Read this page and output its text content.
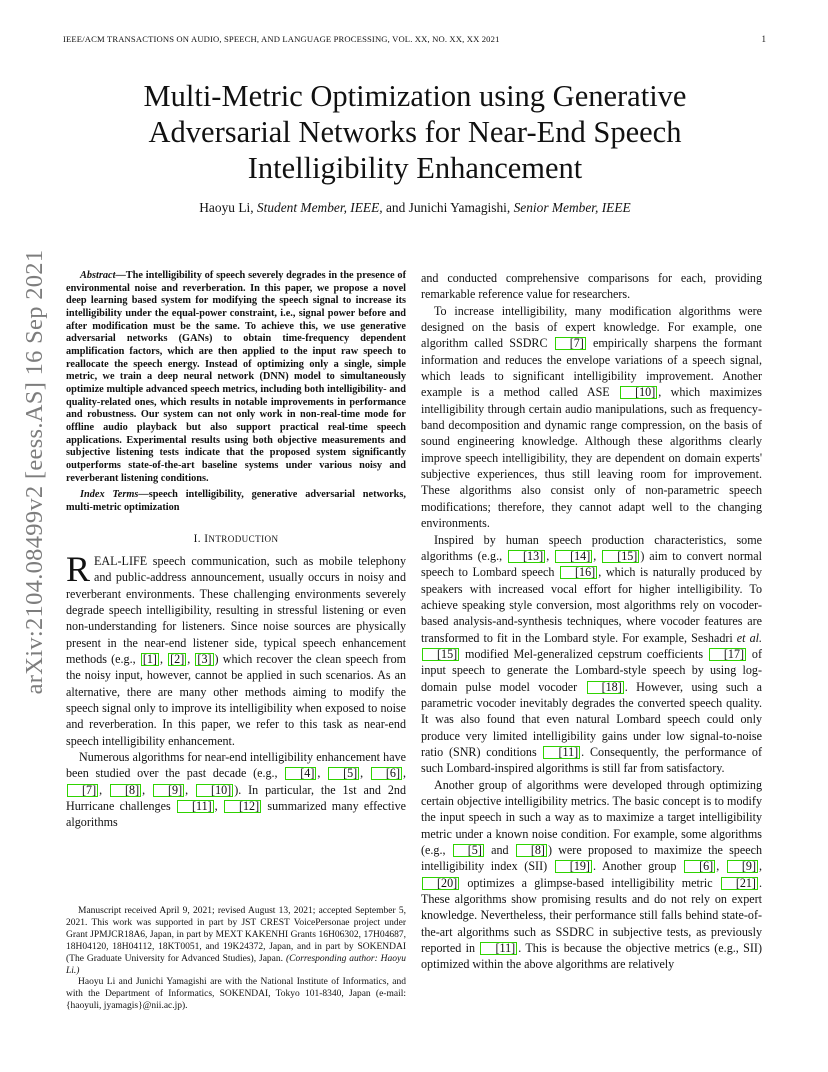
IEEE/ACM TRANSACTIONS ON AUDIO, SPEECH, AND LANGUAGE PROCESSING, VOL. XX, NO. XX, XX 2021	1
arXiv:2104.08499v2 [eess.AS] 16 Sep 2021
Multi-Metric Optimization using Generative Adversarial Networks for Near-End Speech Intelligibility Enhancement
Haoyu Li, Student Member, IEEE, and Junichi Yamagishi, Senior Member, IEEE

Abstract—The intelligibility of speech severely degrades in the presence of environmental noise and reverberation. In this paper, we propose a novel deep learning based system for modifying the speech signal to increase its intelligibility under the equal-power constraint, i.e., signal power before and after modification must be the same. To achieve this, we use generative adversarial networks (GANs) to obtain time-frequency dependent amplification factors, which are then applied to the input raw speech to reallocate the speech energy. Instead of optimizing only a single, simple metric, we train a deep neural network (DNN) model to simultaneously optimize multiple advanced speech metrics, including both intelligibility- and quality-related ones, which results in notable improvements in performance and robustness. Our system can not only work in non-real-time mode for offline audio playback but also support practical real-time speech applications. Experimental results using both objective measurements and subjective listening tests indicate that the proposed system significantly outperforms state-of-the-art baseline systems under various noisy and reverberant listening conditions.

Index Terms—speech intelligibility, generative adversarial networks, multi-metric optimization

I. INTRODUCTION

REAL-LIFE speech communication, such as mobile telephony and public-address announcement, usually occurs in noisy and reverberant environments. These challenging environments severely degrade speech intelligibility, resulting in stressful listening or even non-understanding for listeners. Since noise sources are physically present in the near-end listener side, typical speech enhancement methods (e.g., [1] , [2] , [3] ) which recover the clean speech from the noisy input, however, cannot be applied in such scenarios. As an alternative, there are many other methods aiming to modify the speech signal only to improve its intelligibility when exposed to noise and reverberation. In this paper, we refer to this task as near-end speech intelligibility enhancement.

Numerous algorithms for near-end intelligibility enhancement have been studied over the past decade (e.g., [4] , [5] , [6] , [7] , [8] , [9] , [10] ). In particular, the 1st and 2nd Hurricane challenges [11] , [12] summarized many effective algorithms

Manuscript received April 9, 2021; revised August 13, 2021; accepted September 5, 2021. This work was supported in part by JST CREST VoicePersonae project under Grant JPMJCR18A6, Japan, in part by MEXT KAKENHI Grants 16H06302, 17H04687, 18H04120, 18H04112, 18KT0051, and 19K24372, Japan, and in part by SOKENDAI (The Graduate University for Advanced Studies), Japan. (Corresponding author: Haoyu Li.)

Haoyu Li and Junichi Yamagishi are with the National Institute of Informatics, and with the Department of Informatics, SOKENDAI, Tokyo 101-8340, Japan (e-mail: {haoyuli, jyamagis}@nii.ac.jp).

and conducted comprehensive comparisons for each, providing remarkable reference value for researchers.

To increase intelligibility, many modification algorithms were designed on the basis of expert knowledge. For example, one algorithm called SSDRC [7] empirically sharpens the formant information and reduces the envelope variations of a speech signal, which leads to significant intelligibility improvement. Another example is a method called ASE [10] , which maximizes intelligibility through certain audio manipulations, such as frequency-band decomposition and dynamic range compression, on the basis of sound engineering knowledge. Although these algorithms clearly improve speech intelligibility, they are dependent on domain experts' subjective experiences, thus still leaving room for improvement. These algorithms also consist only of non-parametric speech modifications; therefore, they cannot adapt well to the changing environments.

Inspired by human speech production characteristics, some algorithms (e.g., [13] , [14] , [15] ) aim to convert normal speech to Lombard speech [16] , which is naturally produced by speakers with increased vocal effort for higher intelligibility. To achieve speaking style conversion, most algorithms rely on vocoder-based analysis-and-synthesis techniques, where vocoder features are transformed to fit in the Lombard style. For example, Seshadri et al. [15] modified Mel-generalized cepstrum coefficients [17] of input speech to generate the Lombard-style speech by using log-domain pulse model vocoder [18] . However, using such a parametric vocoder inevitably degrades the converted speech quality. It was also found that even natural Lombard speech could only produce very limited intelligibility gains under low signal-to-noise ratio (SNR) conditions [11] . Consequently, the performance of such Lombard-inspired algorithms is still far from satisfactory.

Another group of algorithms were developed through optimizing certain objective intelligibility metrics. The basic concept is to modify the input speech in such a way as to maximize a target intelligibility metric under a known noise condition. For example, some algorithms (e.g., [5] and [8] ) were proposed to maximize the speech intelligibility index (SII) [19] . Another group [6] , [9] , [20] optimizes a glimpse-based intelligibility metric [21] . These algorithms show promising results and do not rely on expert knowledge. Nevertheless, their performance still falls behind state-of-the-art algorithms such as SSDRC in subjective tests, as previously reported in [11] . This is because the objective metrics (e.g., SII) optimized within the above algorithms are relatively
